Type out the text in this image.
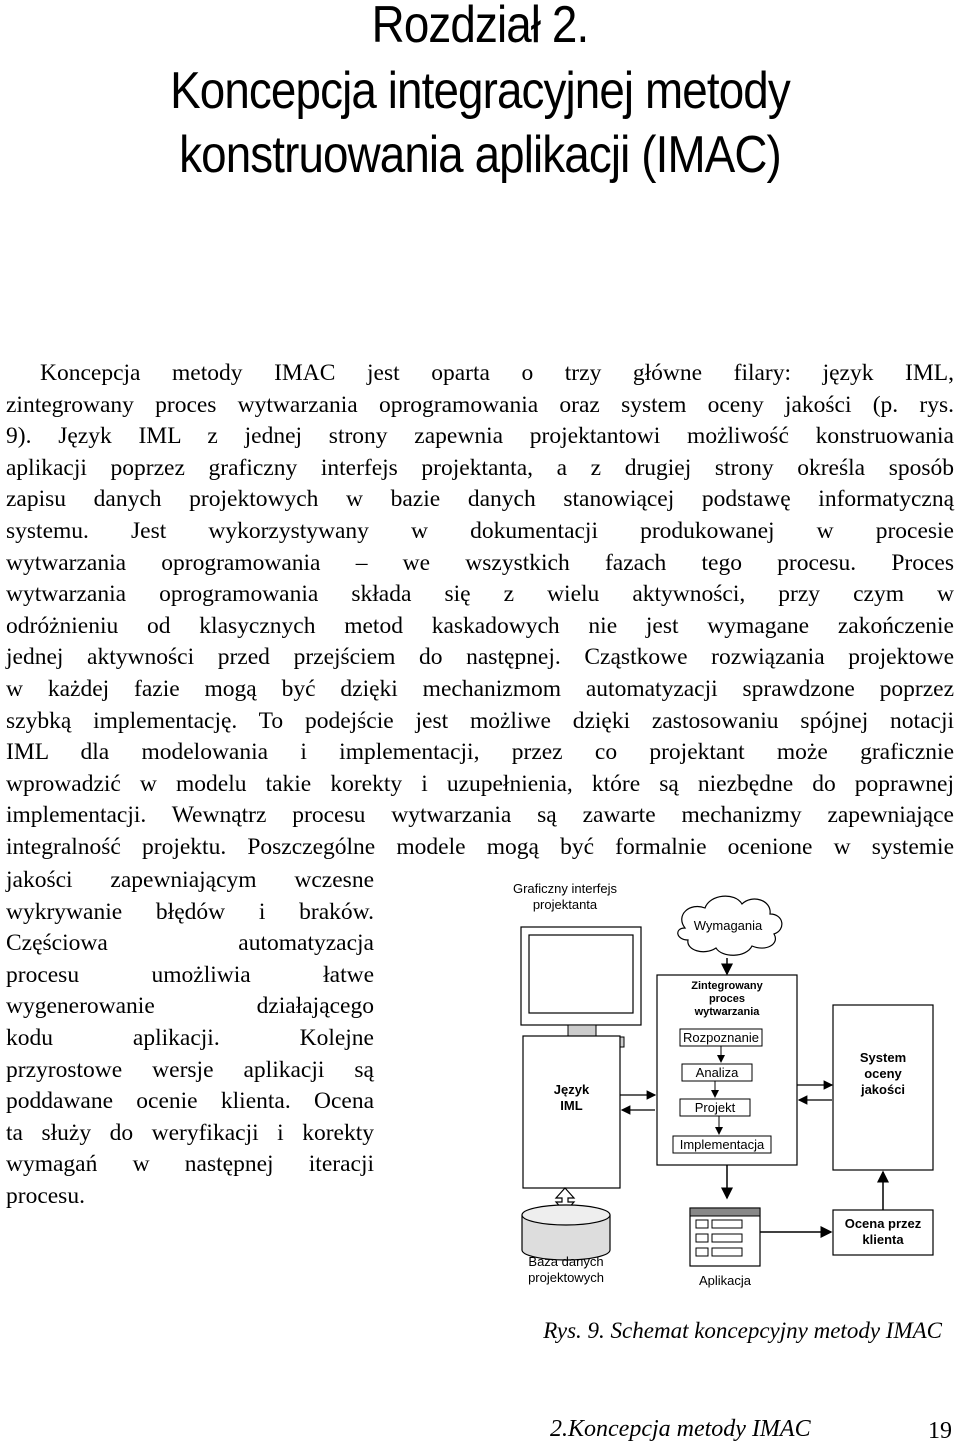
Rozdział 2.
Koncepcja integracyjnej metody
konstruowania aplikacji (IMAC)
Koncepcja metody IMAC jest oparta o trzy główne filary: język IML,
zintegrowany proces wytwarzania oprogramowania oraz system oceny jakości (p. rys.
9). Język IML z jednej strony zapewnia projektantowi możliwość konstruowania
aplikacji poprzez graficzny interfejs projektanta, a z drugiej strony określa sposób
zapisu danych projektowych w bazie danych stanowiącej podstawę informatyczną
systemu. Jest wykorzystywany w dokumentacji produkowanej w procesie
wytwarzania oprogramowania – we wszystkich fazach tego procesu. Proces
wytwarzania oprogramowania składa się z wielu aktywności, przy czym w
odróżnieniu od klasycznych metod kaskadowych nie jest wymagane zakończenie
jednej aktywności przed przejściem do następnej. Cząstkowe rozwiązania projektowe
w każdej fazie mogą być dzięki mechanizmom automatyzacji sprawdzone poprzez
szybką implementację. To podejście jest możliwe dzięki zastosowaniu spójnej notacji
IML dla modelowania i implementacji, przez co projektant może graficznie
wprowadzić w modelu takie korekty i uzupełnienia, które są niezbędne do poprawnej
implementacji. Wewnątrz procesu wytwarzania są zawarte mechanizmy zapewniające
integralność projektu. Poszczególne modele mogą być formalnie ocenione w systemie
jakości zapewniającym wczesne
wykrywanie błędów i braków.
Częściowa automatyzacja
procesu umożliwia łatwe
wygenerowanie działającego
kodu aplikacji. Kolejne
przyrostowe wersje aplikacji są
poddawane ocenie klienta. Ocena
ta służy do weryfikacji i korekty
wymagań w następnej iteracji
procesu.
Graficzny interfejs
projektanta
Wymagania
Zintegrowany
proces
wytwarzania
Rozpoznanie
Analiza
Projekt
Implementacja
Język
IML
System
oceny
jakości
Ocena przez
klienta
Baza danych
projektowych	Aplikacja
Rys. 9. Schemat koncepcyjny metody IMAC
2.Koncepcja metody IMAC	19
